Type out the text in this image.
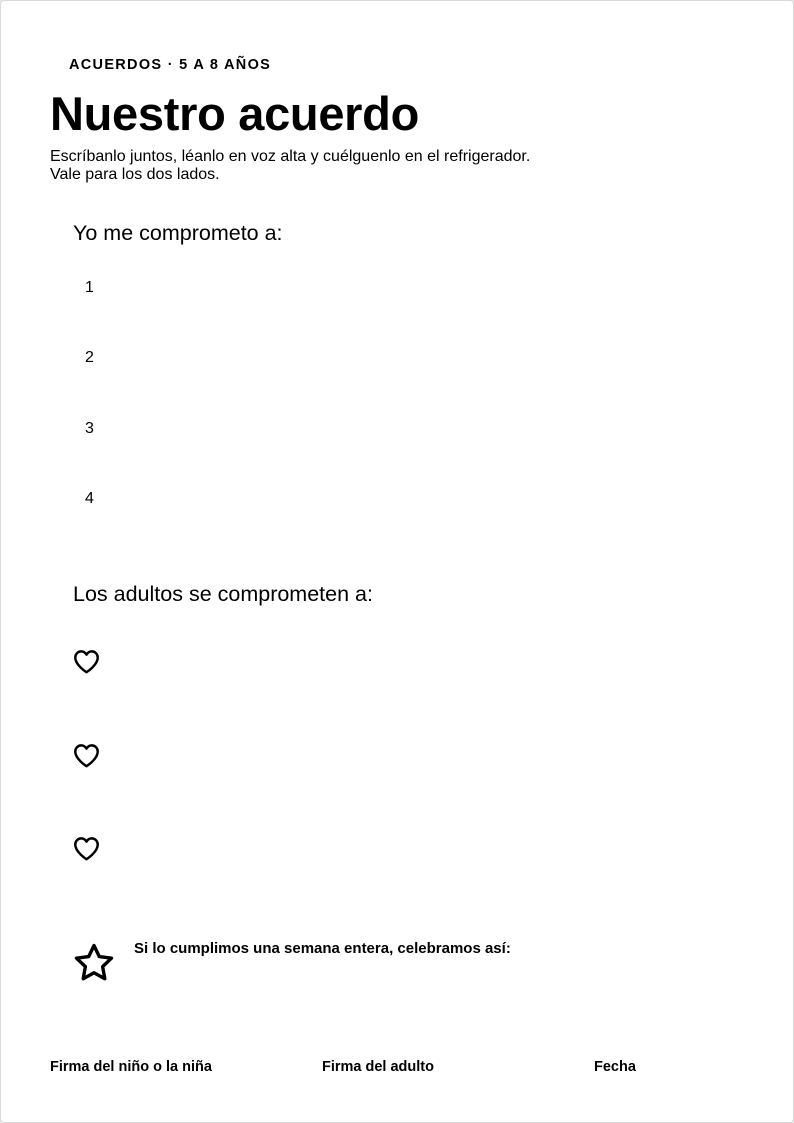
ACUERDOS · 5 A 8 AÑOS
Nuestro acuerdo
Escríbanlo juntos, léanlo en voz alta y cuélguenlo en el refrigerador.
Vale para los dos lados.
Yo me comprometo a:
1
2
3
4
Los adultos se comprometen a:
Si lo cumplimos una semana entera, celebramos así:
Firma del niño o la niña	Firma del adulto	Fecha
